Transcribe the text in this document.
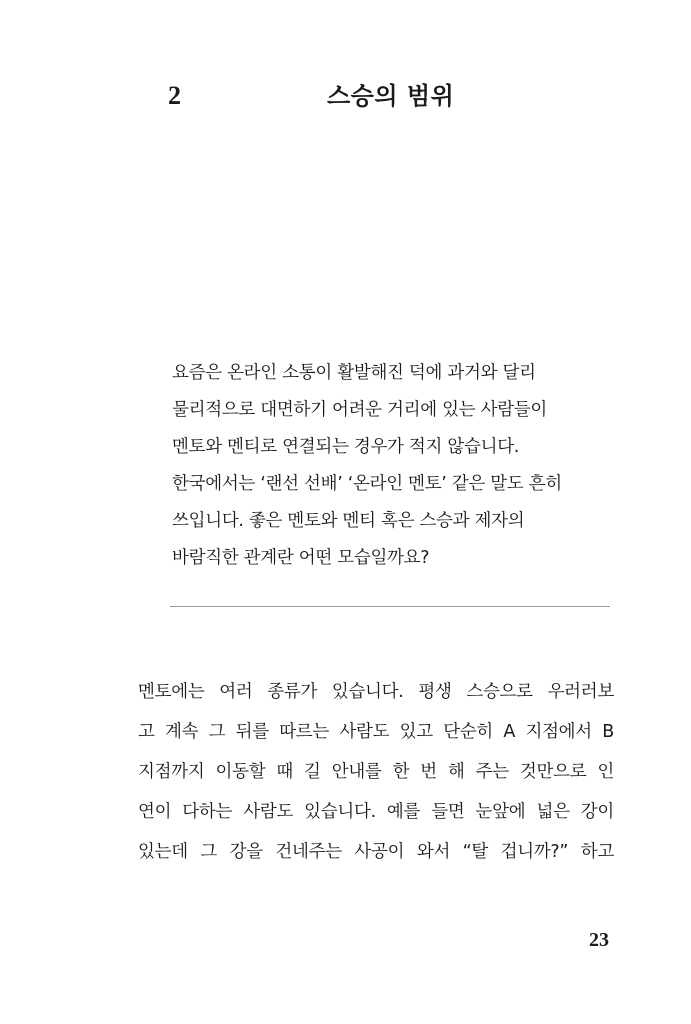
2	스승의 범위
요즘은 온라인 소통이 활발해진 덕에 과거와 달리
물리적으로 대면하기 어려운 거리에 있는 사람들이
멘토와 멘티로 연결되는 경우가 적지 않습니다.
한국에서는 ‘랜선 선배’ ‘온라인 멘토’ 같은 말도 흔히
쓰입니다. 좋은 멘토와 멘티 혹은 스승과 제자의
바람직한 관계란 어떤 모습일까요?
멘토에는 여러 종류가 있습니다. 평생 스승으로 우러러보
고 계속 그 뒤를 따르는 사람도 있고 단순히 A 지점에서 B
지점까지 이동할 때 길 안내를 한 번 해 주는 것만으로 인
연이 다하는 사람도 있습니다. 예를 들면 눈앞에 넓은 강이
있는데 그 강을 건네주는 사공이 와서 “탈 겁니까?” 하고
23
